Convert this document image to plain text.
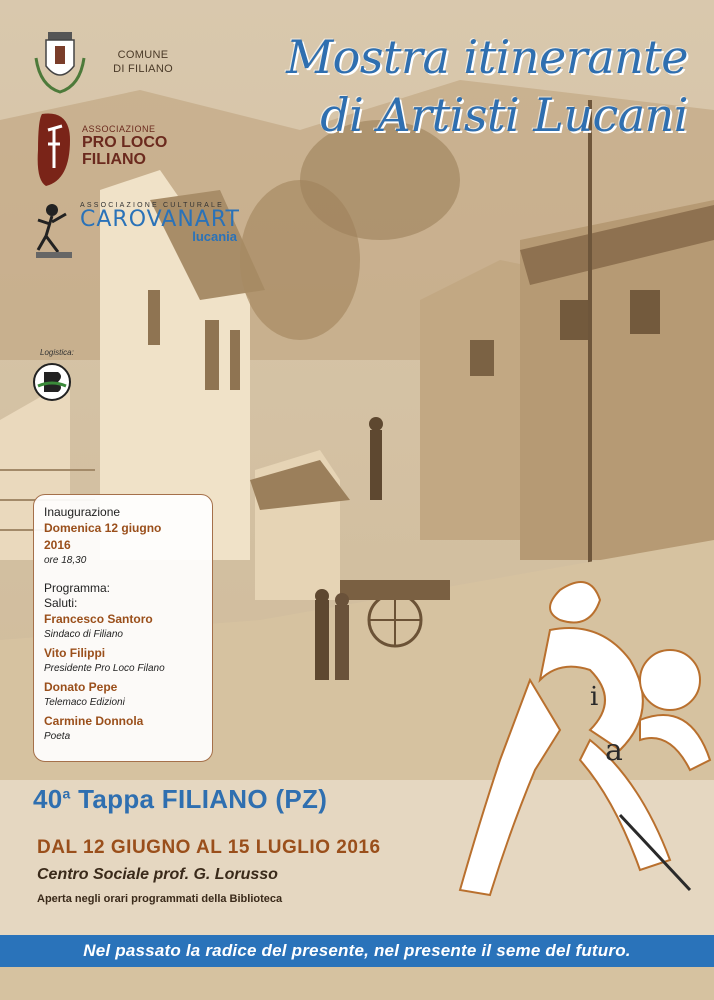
COMUNE
DI FILIANO
ASSOCIAZIONE
PRO LOCO
FILIANO
ASSOCIAZIONE CULTURALE
CAROVANART
lucania
Logistica:
Mostra itinerante
di Artisti Lucani
Inaugurazione
Domenica 12 giugno
2016
ore 18,30
Programma:
Saluti:
Francesco Santoro
Sindaco di Filiano
Vito Filippi
Presidente Pro Loco Filano
Donato Pepe
Telemaco Edizioni
Carmine Donnola
Poeta
i
a
40$^a$ Tappa FILIANO (PZ)
DAL 12 GIUGNO AL 15 LUGLIO 2016
Centro Sociale prof. G. Lorusso
Aperta negli orari programmati della Biblioteca
Nel passato la radice del presente, nel presente il seme del futuro.
